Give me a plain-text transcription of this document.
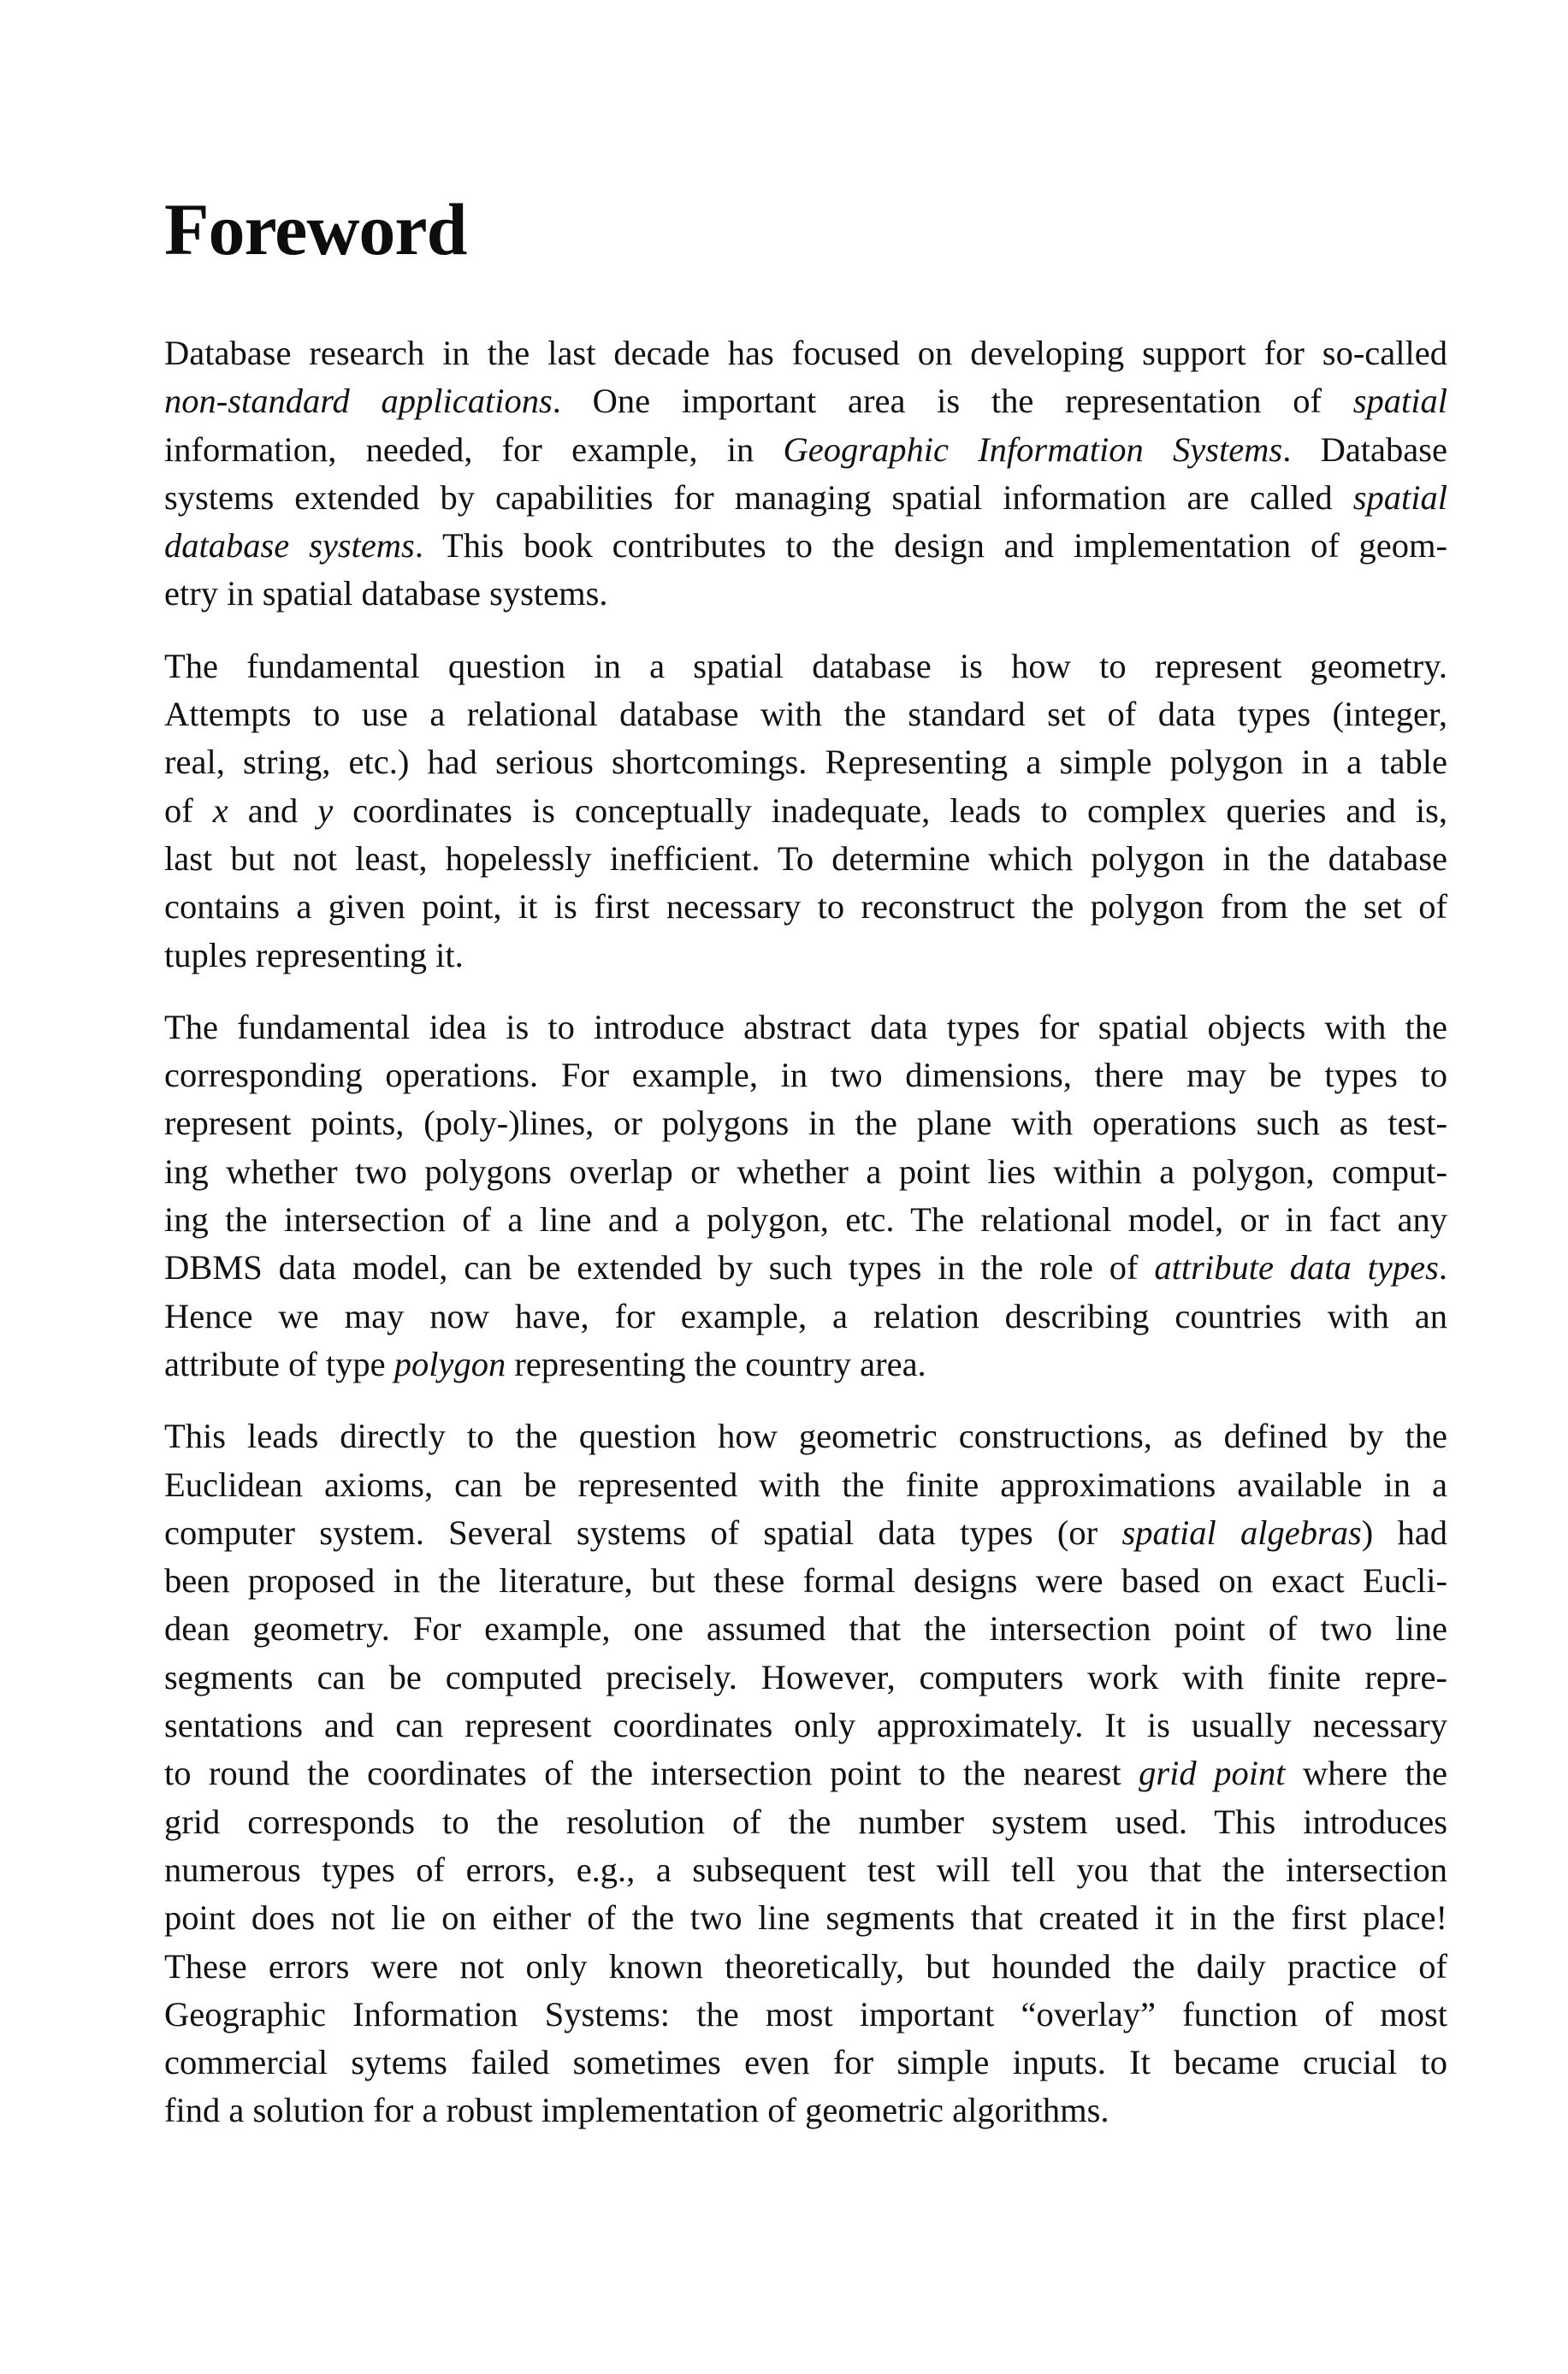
Foreword

Database research in the last decade has focused on developing support for so-called
non-standard applications. One important area is the representation of spatial
information, needed, for example, in Geographic Information Systems. Database
systems extended by capabilities for managing spatial information are called spatial
database systems. This book contributes to the design and implementation of geom-
etry in spatial database systems.

The fundamental question in a spatial database is how to represent geometry.
Attempts to use a relational database with the standard set of data types (integer,
real, string, etc.) had serious shortcomings. Representing a simple polygon in a table
of x and y coordinates is conceptually inadequate, leads to complex queries and is,
last but not least, hopelessly inefficient. To determine which polygon in the database
contains a given point, it is first necessary to reconstruct the polygon from the set of
tuples representing it.

The fundamental idea is to introduce abstract data types for spatial objects with the
corresponding operations. For example, in two dimensions, there may be types to
represent points, (poly-)lines, or polygons in the plane with operations such as test-
ing whether two polygons overlap or whether a point lies within a polygon, comput-
ing the intersection of a line and a polygon, etc. The relational model, or in fact any
DBMS data model, can be extended by such types in the role of attribute data types.
Hence we may now have, for example, a relation describing countries with an
attribute of type polygon representing the country area.

This leads directly to the question how geometric constructions, as defined by the
Euclidean axioms, can be represented with the finite approximations available in a
computer system. Several systems of spatial data types (or spatial algebras) had
been proposed in the literature, but these formal designs were based on exact Eucli-
dean geometry. For example, one assumed that the intersection point of two line
segments can be computed precisely. However, computers work with finite repre-
sentations and can represent coordinates only approximately. It is usually necessary
to round the coordinates of the intersection point to the nearest grid point where the
grid corresponds to the resolution of the number system used. This introduces
numerous types of errors, e.g., a subsequent test will tell you that the intersection
point does not lie on either of the two line segments that created it in the first place!
These errors were not only known theoretically, but hounded the daily practice of
Geographic Information Systems: the most important “overlay” function of most
commercial sytems failed sometimes even for simple inputs. It became crucial to
find a solution for a robust implementation of geometric algorithms.
